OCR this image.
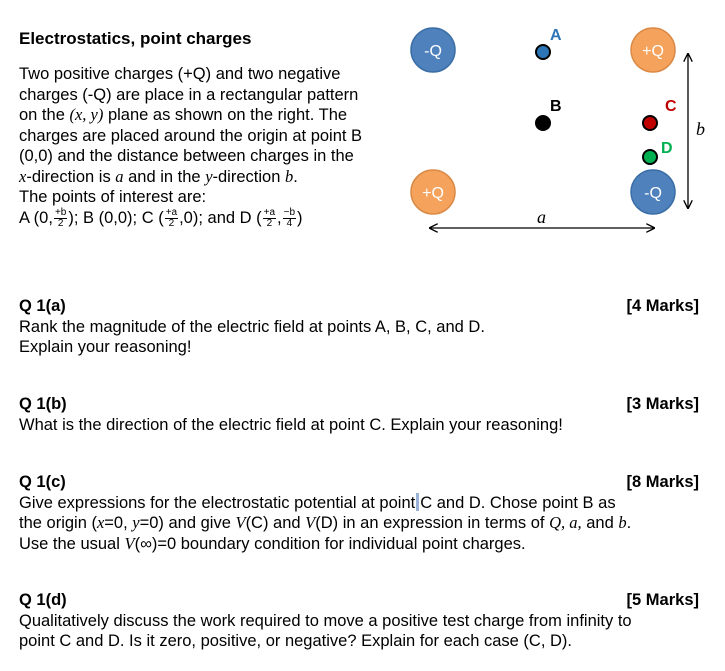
Electrostatics, point charges

Two positive charges (+Q) and two negative charges (-Q) are place in a rectangular pattern on the (x, y) plane as shown on the right. The charges are placed around the origin at point B (0,0) and the distance between charges in the x-direction is a and in the y-direction b.
The points of interest are:
A (0, $\frac{+b}{2}$ ); B (0,0); C ( $\frac{+a}{2} ,0$); and D ( $\frac{+a}{2}$ , $\frac{-b}{4}$ )

-Q	+Q
+Q	-Q
A
B	C
D
b
a
Q 1(a)	[4 Marks]

Rank the magnitude of the electric field at points A, B, C, and D.

Explain your reasoning!

Q 1(b)	[3 Marks]

What is the direction of the electric field at point C. Explain your reasoning!

Q 1(c)	[8 Marks]

Give expressions for the electrostatic potential at point C and D. Chose point B as

the origin (x=0, y=0) and give V(C) and V(D) in an expression in terms of Q, a, and b.

Use the usual V(∞)=0 boundary condition for individual point charges.

Q 1(d)	[5 Marks]

Qualitatively discuss the work required to move a positive test charge from infinity to

point C and D. Is it zero, positive, or negative? Explain for each case (C, D).
